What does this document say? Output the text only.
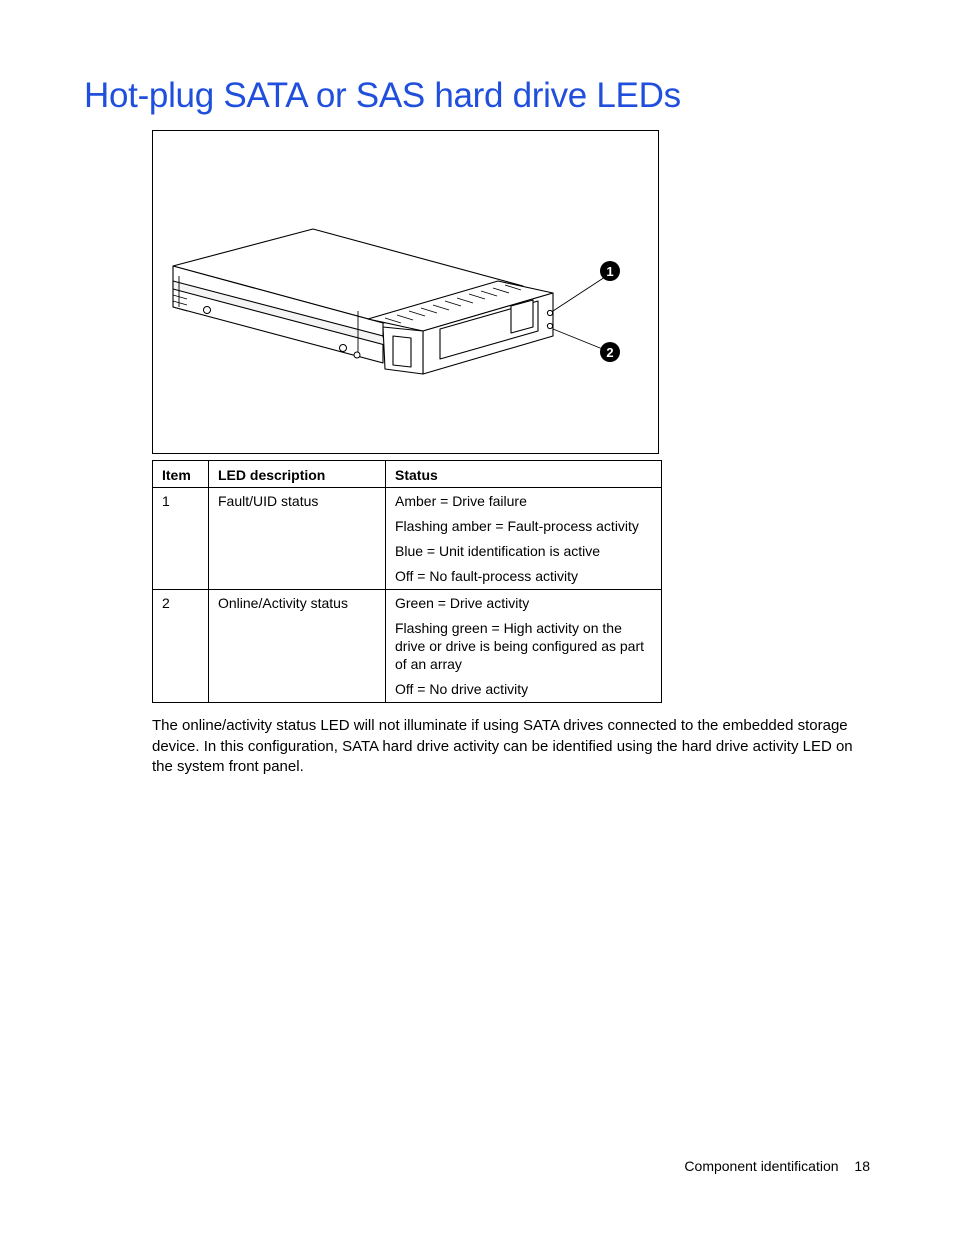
Hot-plug SATA or SAS hard drive LEDs
1
2
Item	LED description	Status
1	Fault/UID status	Amber = Drive failure

Flashing amber = Fault-process activity

Blue = Unit identification is active

Off = No fault-process activity

2	Online/Activity status	Green = Drive activity

Flashing green = High activity on the drive or drive is being configured as part of an array

Off = No drive activity

The online/activity status LED will not illuminate if using SATA drives connected to the embedded storage device. In this configuration, SATA hard drive activity can be identified using the hard drive activity LED on the system front panel.

Component identification 18
